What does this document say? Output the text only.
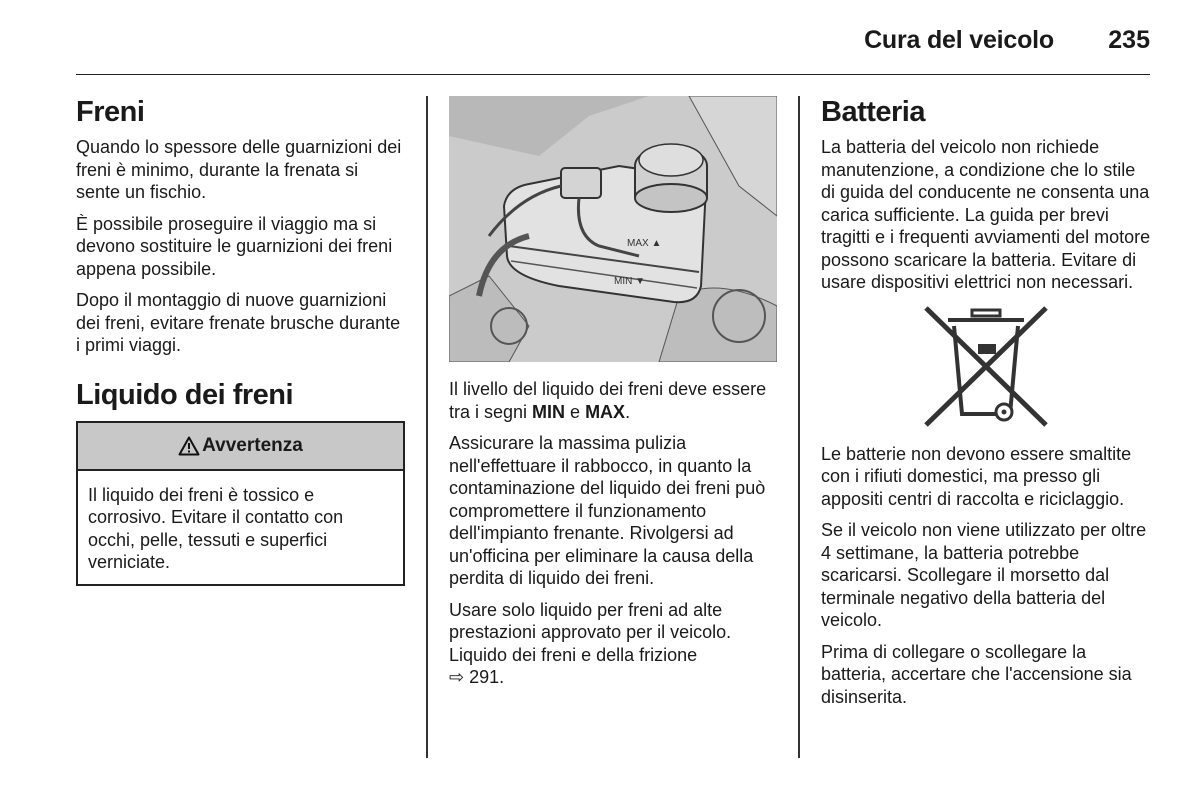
Cura del veicolo 235
Freni

Quando lo spessore delle guarnizioni dei freni è minimo, durante la frenata si sente un fischio.

È possibile proseguire il viaggio ma si devono sostituire le guarnizioni dei freni appena possibile.

Dopo il montaggio di nuove guarnizioni dei freni, evitare frenate brusche durante i primi viaggi.

Liquido dei freni
Avvertenza
Il liquido dei freni è tossico e corrosivo. Evitare il contatto con occhi, pelle, tessuti e superfici verniciate.
MAX ▲
MIN ▼

Il livello del liquido dei freni deve essere tra i segni MIN e MAX.

Assicurare la massima pulizia nell'effettuare il rabbocco, in quanto la contaminazione del liquido dei freni può compromettere il funzionamento dell'impianto frenante. Rivolgersi ad un'officina per eliminare la causa della perdita di liquido dei freni.

Usare solo liquido per freni ad alte prestazioni approvato per il veicolo. Liquido dei freni e della frizione
⇨ 291.

Batteria

La batteria del veicolo non richiede manutenzione, a condizione che lo stile di guida del conducente ne consenta una carica sufficiente. La guida per brevi tragitti e i frequenti avviamenti del motore possono scaricare la batteria. Evitare di usare dispositivi elettrici non necessari.

Le batterie non devono essere smaltite con i rifiuti domestici, ma presso gli appositi centri di raccolta e riciclaggio.

Se il veicolo non viene utilizzato per oltre 4 settimane, la batteria potrebbe scaricarsi. Scollegare il morsetto dal terminale negativo della batteria del veicolo.

Prima di collegare o scollegare la batteria, accertare che l'accensione sia disinserita.
